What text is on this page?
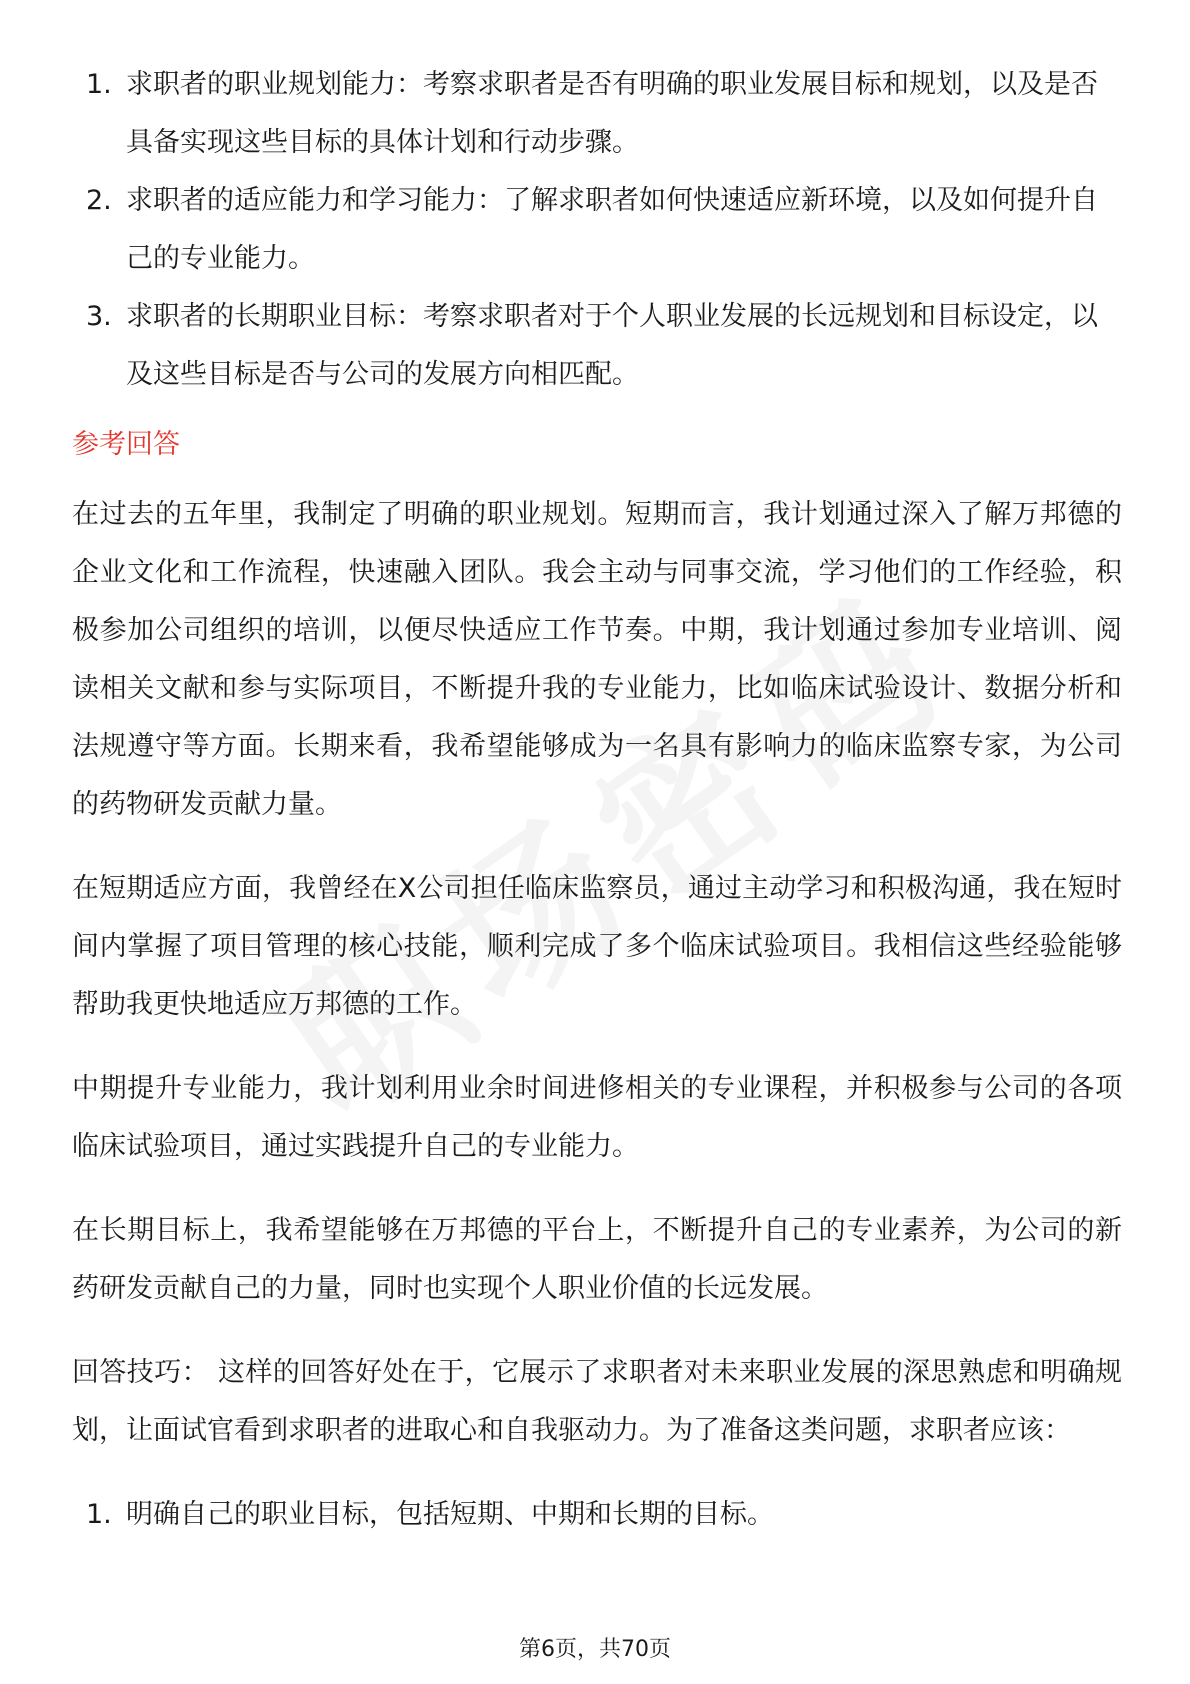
1. 求职者的职业规划能力：考察求职者是否有明确的职业发展目标和规划，以及是否具备实现这些目标的具体计划和行动步骤。
2. 求职者的适应能力和学习能力：了解求职者如何快速适应新环境，以及如何提升自己的专业能力。
3. 求职者的长期职业目标：考察求职者对于个人职业发展的长远规划和目标设定，以及这些目标是否与公司的发展方向相匹配。
参考回答

在过去的五年里，我制定了明确的职业规划。短期而言，我计划通过深入了解万邦德的企业文化和工作流程，快速融入团队。我会主动与同事交流，学习他们的工作经验，积极参加公司组织的培训，以便尽快适应工作节奏。中期，我计划通过参加专业培训、阅读相关文献和参与实际项目，不断提升我的专业能力，比如临床试验设计、数据分析和法规遵守等方面。长期来看，我希望能够成为一名具有影响力的临床监察专家，为公司的药物研发贡献力量。

在短期适应方面，我曾经在X公司担任临床监察员，通过主动学习和积极沟通，我在短时间内掌握了项目管理的核心技能，顺利完成了多个临床试验项目。我相信这些经验能够帮助我更快地适应万邦德的工作。

中期提升专业能力，我计划利用业余时间进修相关的专业课程，并积极参与公司的各项临床试验项目，通过实践提升自己的专业能力。

在长期目标上，我希望能够在万邦德的平台上，不断提升自己的专业素养，为公司的新药研发贡献自己的力量，同时也实现个人职业价值的长远发展。

回答技巧： 这样的回答好处在于，它展示了求职者对未来职业发展的深思熟虑和明确规划，让面试官看到求职者的进取心和自我驱动力。为了准备这类问题，求职者应该：

1. 明确自己的职业目标，包括短期、中期和长期的目标。
第6页，共70页
